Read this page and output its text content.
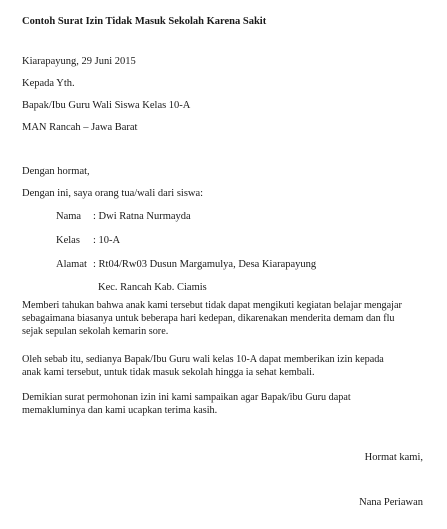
Contoh Surat Izin Tidak Masuk Sekolah Karena Sakit
Kiarapayung, 29 Juni 2015
Kepada Yth.
Bapak/Ibu Guru Wali Siswa Kelas 10-A
MAN Rancah – Jawa Barat
Dengan hormat,
Dengan ini, saya orang tua/wali dari siswa:
Nama : Dwi Ratna Nurmayda
Kelas : 10-A
Alamat : Rt04/Rw03 Dusun Margamulya, Desa Kiarapayung
Kec. Rancah Kab. Ciamis
Memberi tahukan bahwa anak kami tersebut tidak dapat mengikuti kegiatan belajar mengajar
sebagaimana biasanya untuk beberapa hari kedepan, dikarenakan menderita demam dan flu
sejak sepulan sekolah kemarin sore.
Oleh sebab itu, sedianya Bapak/Ibu Guru wali kelas 10-A dapat memberikan izin kepada
anak kami tersebut, untuk tidak masuk sekolah hingga ia sehat kembali.
Demikian surat permohonan izin ini kami sampaikan agar Bapak/ibu Guru dapat
memakluminya dan kami ucapkan terima kasih.
Hormat kami,
Nana Periawan
